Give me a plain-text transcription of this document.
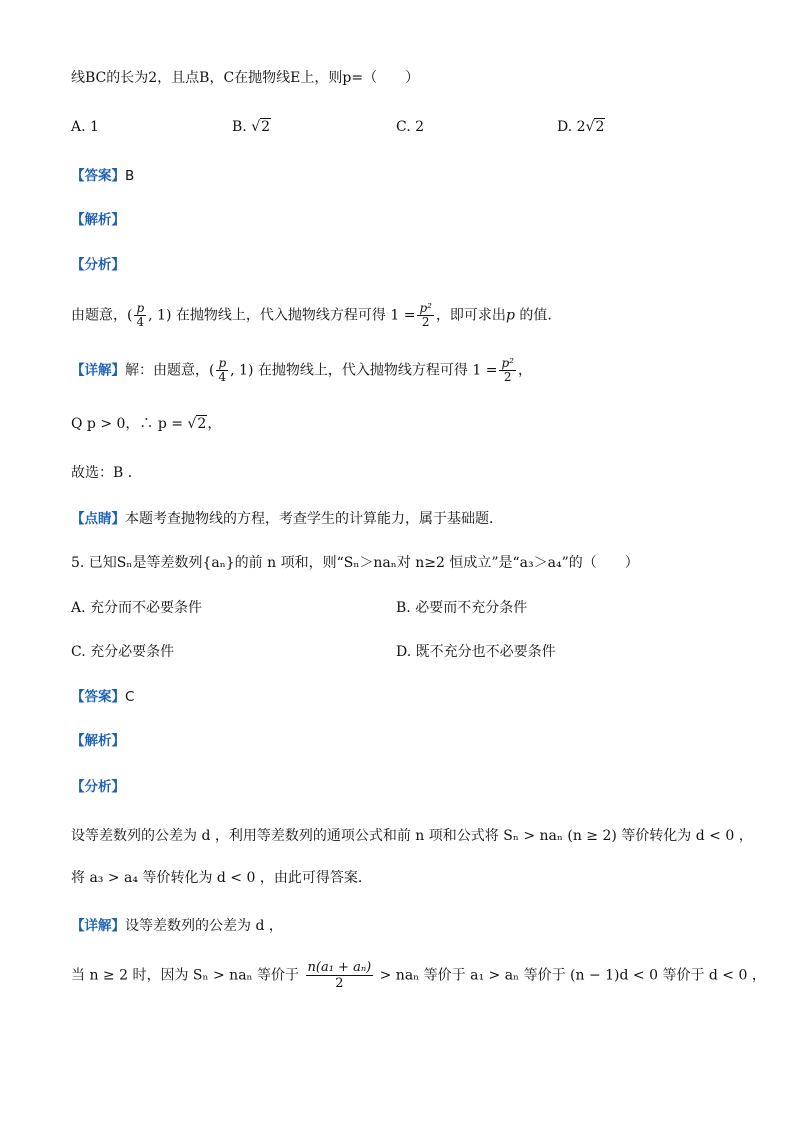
线BC的长为2，且点B，C在抛物线E上，则p=（　　）
A. 1	B. √2	C. 2	D. 2√2
【答案】B
【解析】
【分析】
由题意，( $\frac{p}{4}$ , 1) 在抛物线上，代入抛物线方程可得 $1 = \frac{\text{p²}}{2}$ ，即可求出p 的值.
【详解】解：由题意，( $\frac{p}{4}$ , 1) 在抛物线上，代入抛物线方程可得 $1 = \frac{\text{p²}}{2}$ ，
Q p > 0，∴ p = √2，
故选：B ．
【点睛】本题考查抛物线的方程，考查学生的计算能力，属于基础题．
5. 已知Sₙ是等差数列{aₙ}的前 n 项和，则“Sₙ＞naₙ对 n≥2 恒成立”是“a₃＞a₄”的（　　）
A. 充分而不必要条件	B. 必要而不充分条件
C. 充分必要条件	D. 既不充分也不必要条件
【答案】C
【解析】
【分析】
设等差数列的公差为 d ，利用等差数列的通项公式和前 n 项和公式将 Sₙ > naₙ (n ≥ 2) 等价转化为 d < 0 ，
将 a₃ > a₄ 等价转化为 d < 0 ，由此可得答案.
【详解】设等差数列的公差为 d ，
当 n ≥ 2 时，因为 Sₙ > naₙ 等价于 $\frac{\text{n(a₁ + aₙ)}}{2} > na_n$ 等价于 a₁ > aₙ 等价于 (n − 1)d < 0 等价于 d < 0 ，
